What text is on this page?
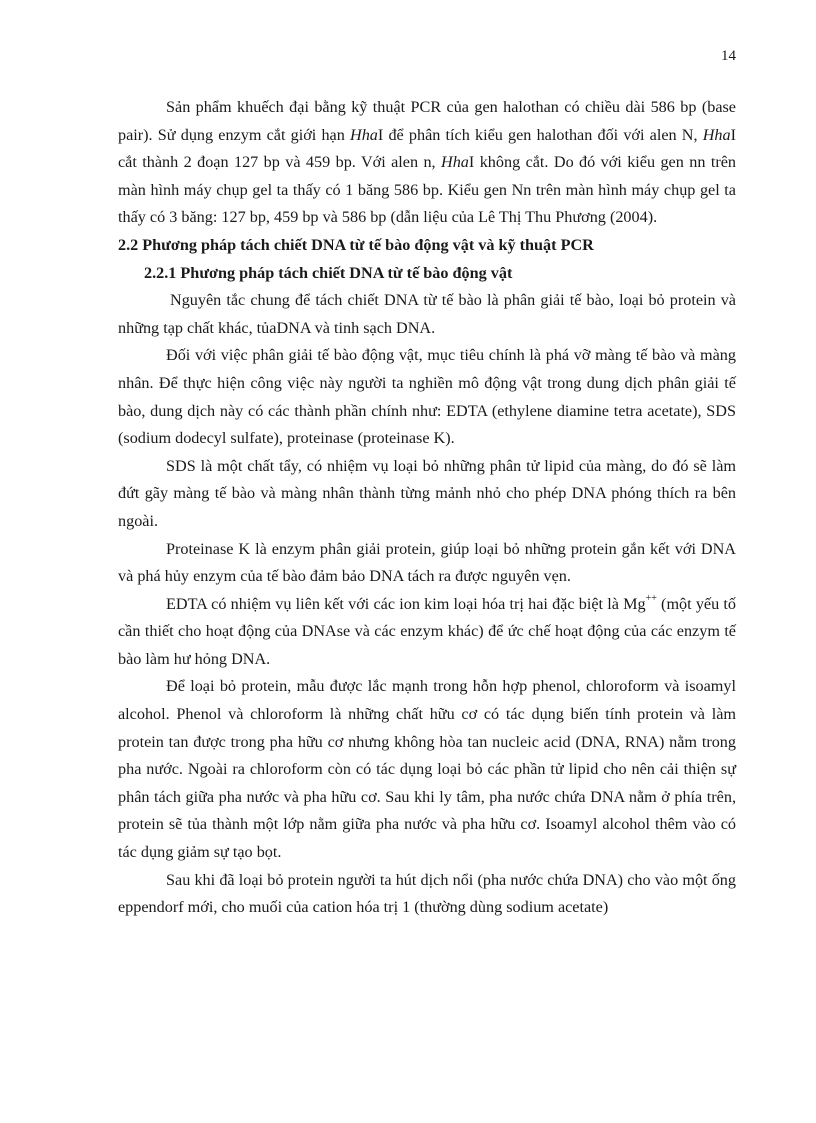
14

Sản phẩm khuếch đại bằng kỹ thuật PCR của gen halothan có chiều dài 586 bp (base pair). Sử dụng enzym cắt giới hạn HhaI để phân tích kiểu gen halothan đối với alen N, HhaI cắt thành 2 đoạn 127 bp và 459 bp. Với alen n, HhaI không cắt. Do đó với kiểu gen nn trên màn hình máy chụp gel ta thấy có 1 băng 586 bp. Kiểu gen Nn trên màn hình máy chụp gel ta thấy có 3 băng: 127 bp, 459 bp và 586 bp (dẫn liệu của Lê Thị Thu Phương (2004).

2.2 Phương pháp tách chiết DNA từ tế bào động vật và kỹ thuật PCR
2.2.1 Phương pháp tách chiết DNA từ tế bào động vật

Nguyên tắc chung để tách chiết DNA từ tế bào là phân giải tế bào, loại bỏ protein và những tạp chất khác, tủaDNA và tinh sạch DNA.

Đối với việc phân giải tế bào động vật, mục tiêu chính là phá vỡ màng tế bào và màng nhân. Để thực hiện công việc này người ta nghiền mô động vật trong dung dịch phân giải tế bào, dung dịch này có các thành phần chính như: EDTA (ethylene diamine tetra acetate), SDS (sodium dodecyl sulfate), proteinase (proteinase K).

SDS là một chất tẩy, có nhiệm vụ loại bỏ những phân tử lipid của màng, do đó sẽ làm đứt gãy màng tế bào và màng nhân thành từng mảnh nhỏ cho phép DNA phóng thích ra bên ngoài.

Proteinase K là enzym phân giải protein, giúp loại bỏ những protein gắn kết với DNA và phá hủy enzym của tế bào đảm bảo DNA tách ra được nguyên vẹn.

EDTA có nhiệm vụ liên kết với các ion kim loại hóa trị hai đặc biệt là Mg++ (một yếu tố cần thiết cho hoạt động của DNAse và các enzym khác) để ức chế hoạt động của các enzym tế bào làm hư hỏng DNA.

Để loại bỏ protein, mẫu được lắc mạnh trong hỗn hợp phenol, chloroform và isoamyl alcohol. Phenol và chloroform là những chất hữu cơ có tác dụng biến tính protein và làm protein tan được trong pha hữu cơ nhưng không hòa tan nucleic acid (DNA, RNA) nằm trong pha nước. Ngoài ra chloroform còn có tác dụng loại bỏ các phần tử lipid cho nên cải thiện sự phân tách giữa pha nước và pha hữu cơ. Sau khi ly tâm, pha nước chứa DNA nằm ở phía trên, protein sẽ tủa thành một lớp nằm giữa pha nước và pha hữu cơ. Isoamyl alcohol thêm vào có tác dụng giảm sự tạo bọt.

Sau khi đã loại bỏ protein người ta hút dịch nổi (pha nước chứa DNA) cho vào một ống eppendorf mới, cho muối của cation hóa trị 1 (thường dùng sodium acetate)
